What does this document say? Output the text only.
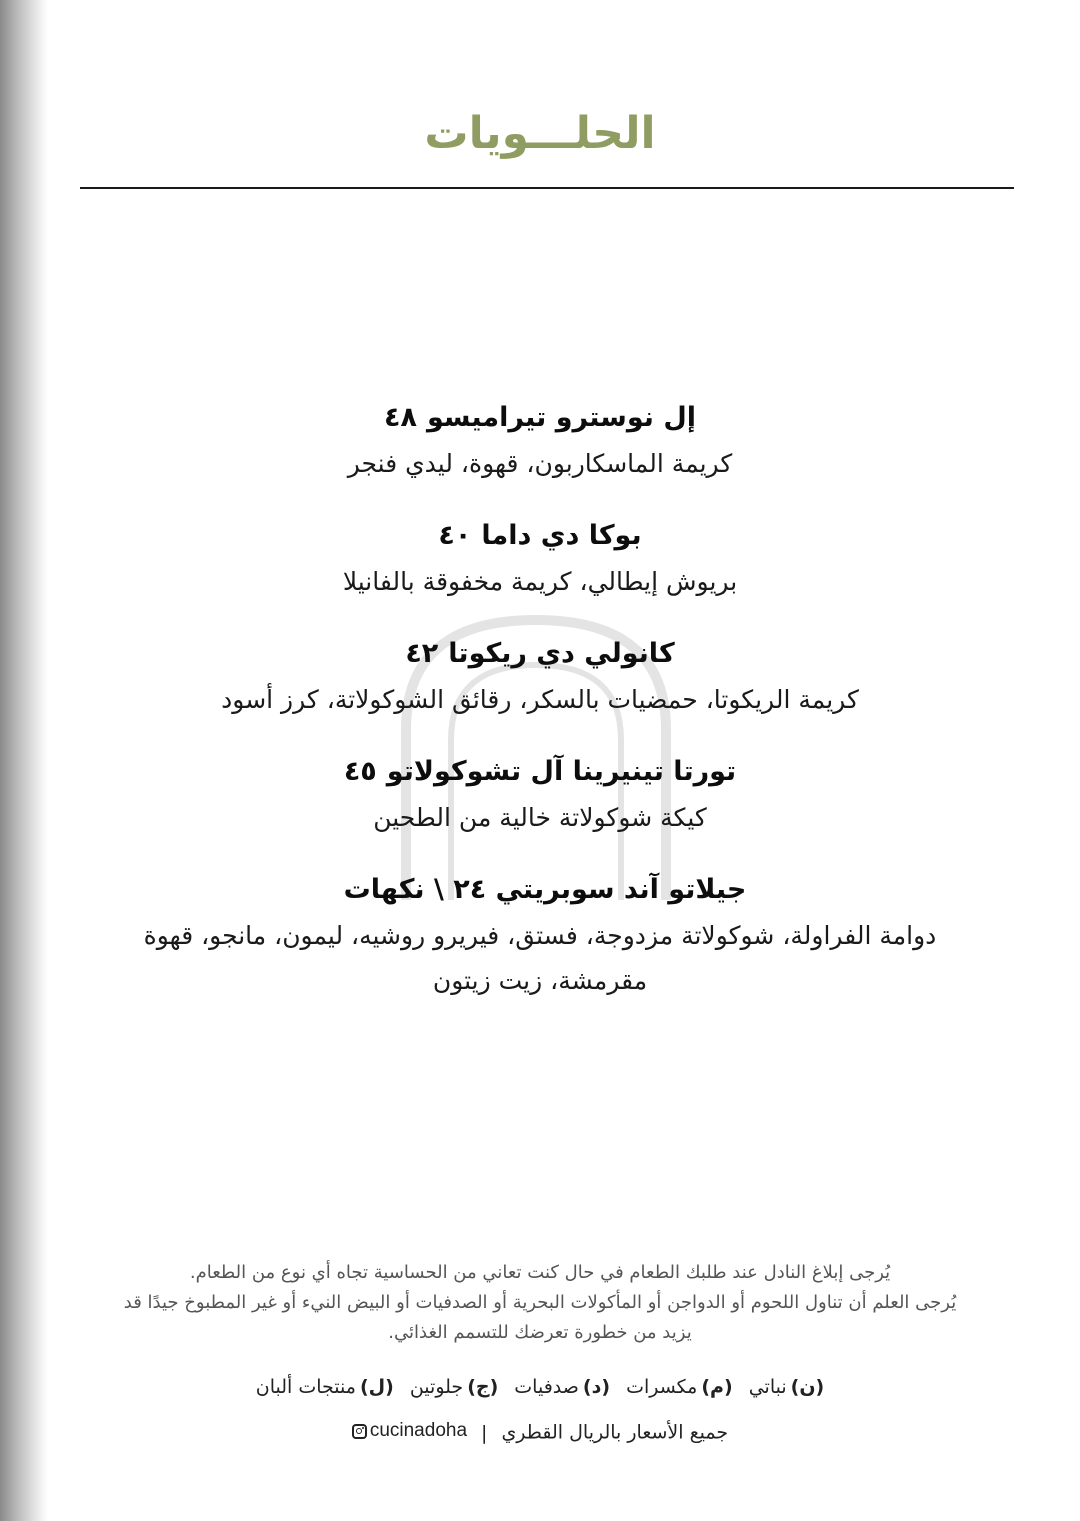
الحلـــويات
إل نوسترو تيراميسو٤٨
كريمة الماسكاربون، قهوة، ليدي فنجر
بوكا دي داما٤٠
بريوش إيطالي، كريمة مخفوقة بالفانيلا
كانولي دي ريكوتا٤٢
كريمة الريكوتا، حمضيات بالسكر، رقائق الشوكولاتة، كرز أسود
تورتا تينيرينا آل تشوكولاتو٤٥
كيكة شوكولاتة خالية من الطحين
جيلاتو آند سوبريتي ٢٤ \ نكهات
دوامة الفراولة، شوكولاتة مزدوجة، فستق، فيريرو روشيه، ليمون، مانجو، قهوة مقرمشة، زيت زيتون
يُرجى إبلاغ النادل عند طلبك الطعام في حال كنت تعاني من الحساسية تجاه أي نوع من الطعام.
يُرجى العلم أن تناول اللحوم أو الدواجن أو المأكولات البحرية أو الصدفيات أو البيض النيء أو غير المطبوخ جيدًا قد يزيد من خطورة تعرضك للتسمم الغذائي.
(ن)نباتي (م)مكسرات (د)صدفيات (ج)جلوتين (ل)منتجات ألبان
جميع الأسعار بالريال القطري|
cucinadoha
